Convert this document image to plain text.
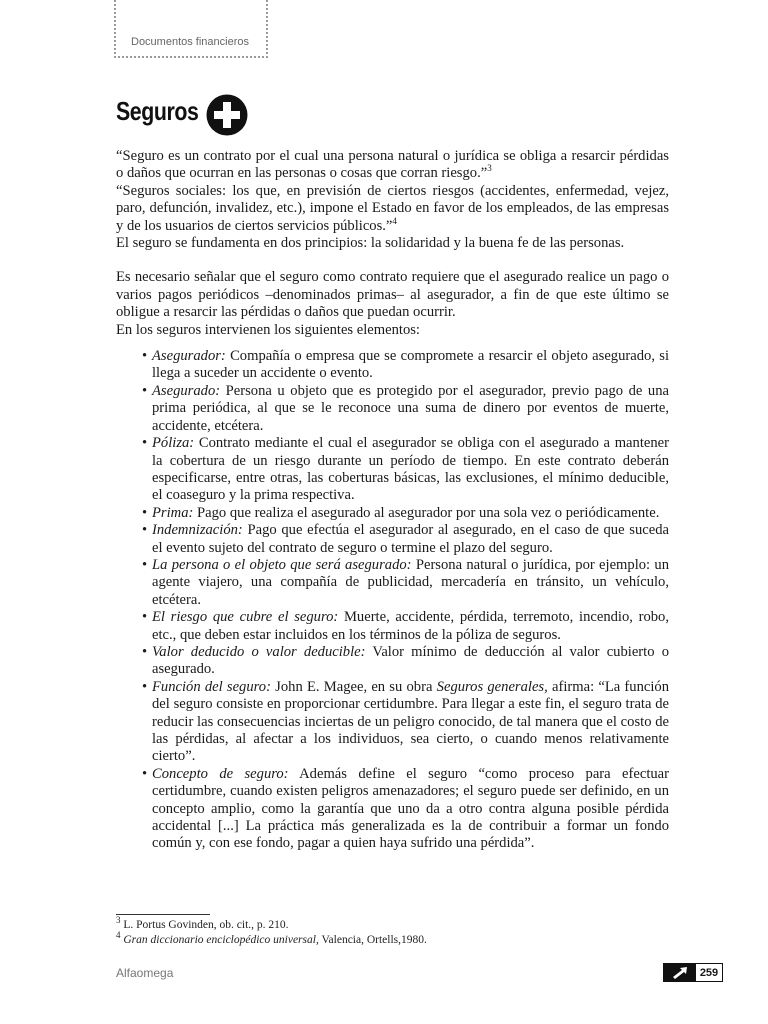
Documentos financieros
Seguros

“Seguro es un contrato por el cual una persona natural o jurídica se obliga a resarcir pérdidas o daños que ocurran en las personas o cosas que corran riesgo.”$^3$

“Seguros sociales: los que, en previsión de ciertos riesgos (accidentes, enfermedad, vejez, paro, defunción, invalidez, etc.), impone el Estado en favor de los empleados, de las empresas y de los usuarios de ciertos servicios públicos.”$^4$

El seguro se fundamenta en dos principios: la solidaridad y la buena fe de las personas.

Es necesario señalar que el seguro como contrato requiere que el asegurado realice un pago o varios pagos periódicos –denominados primas– al asegurador, a fin de que este último se obligue a resarcir las pérdidas o daños que puedan ocurrir.

En los seguros intervienen los siguientes elementos:

• Asegurador: Compañía o empresa que se compromete a resarcir el objeto asegurado, si llega a suceder un accidente o evento.
• Asegurado: Persona u objeto que es protegido por el asegurador, previo pago de una prima periódica, al que se le reconoce una suma de dinero por eventos de muerte, accidente, etcétera.
• Póliza: Contrato mediante el cual el asegurador se obliga con el asegurado a mantener la cobertura de un riesgo durante un período de tiempo. En este contrato deberán especificarse, entre otras, las coberturas básicas, las exclusiones, el mínimo deducible, el coaseguro y la prima respectiva.
• Prima: Pago que realiza el asegurado al asegurador por una sola vez o periódicamente.
• Indemnización: Pago que efectúa el asegurador al asegurado, en el caso de que suceda el evento sujeto del contrato de seguro o termine el plazo del seguro.
• La persona o el objeto que será asegurado: Persona natural o jurídica, por ejemplo: un agente viajero, una compañía de publicidad, mercadería en tránsito, un vehículo, etcétera.
• El riesgo que cubre el seguro: Muerte, accidente, pérdida, terremoto, incendio, robo, etc., que deben estar incluidos en los términos de la póliza de seguros.
• Valor deducido o valor deducible: Valor mínimo de deducción al valor cubierto o asegurado.
• Función del seguro: John E. Magee, en su obra Seguros generales, afirma: “La función del seguro consiste en proporcionar certidumbre. Para llegar a este fin, el seguro trata de reducir las consecuencias inciertas de un peligro conocido, de tal manera que el costo de las pérdidas, al afectar a los individuos, sea cierto, o cuando menos relativamente cierto”.
• Concepto de seguro: Además define el seguro “como proceso para efectuar certidumbre, cuando existen peligros amenazadores; el seguro puede ser definido, en un concepto amplio, como la garantía que uno da a otro contra alguna posible pérdida accidental [...] La práctica más generalizada es la de contribuir a formar un fondo común y, con ese fondo, pagar a quien haya sufrido una pérdida”.

$^3$ L. Portus Govinden, ob. cit., p. 210.

$^4$ Gran diccionario enciclopédico universal, Valencia, Ortells,1980.

Alfaomega	259
